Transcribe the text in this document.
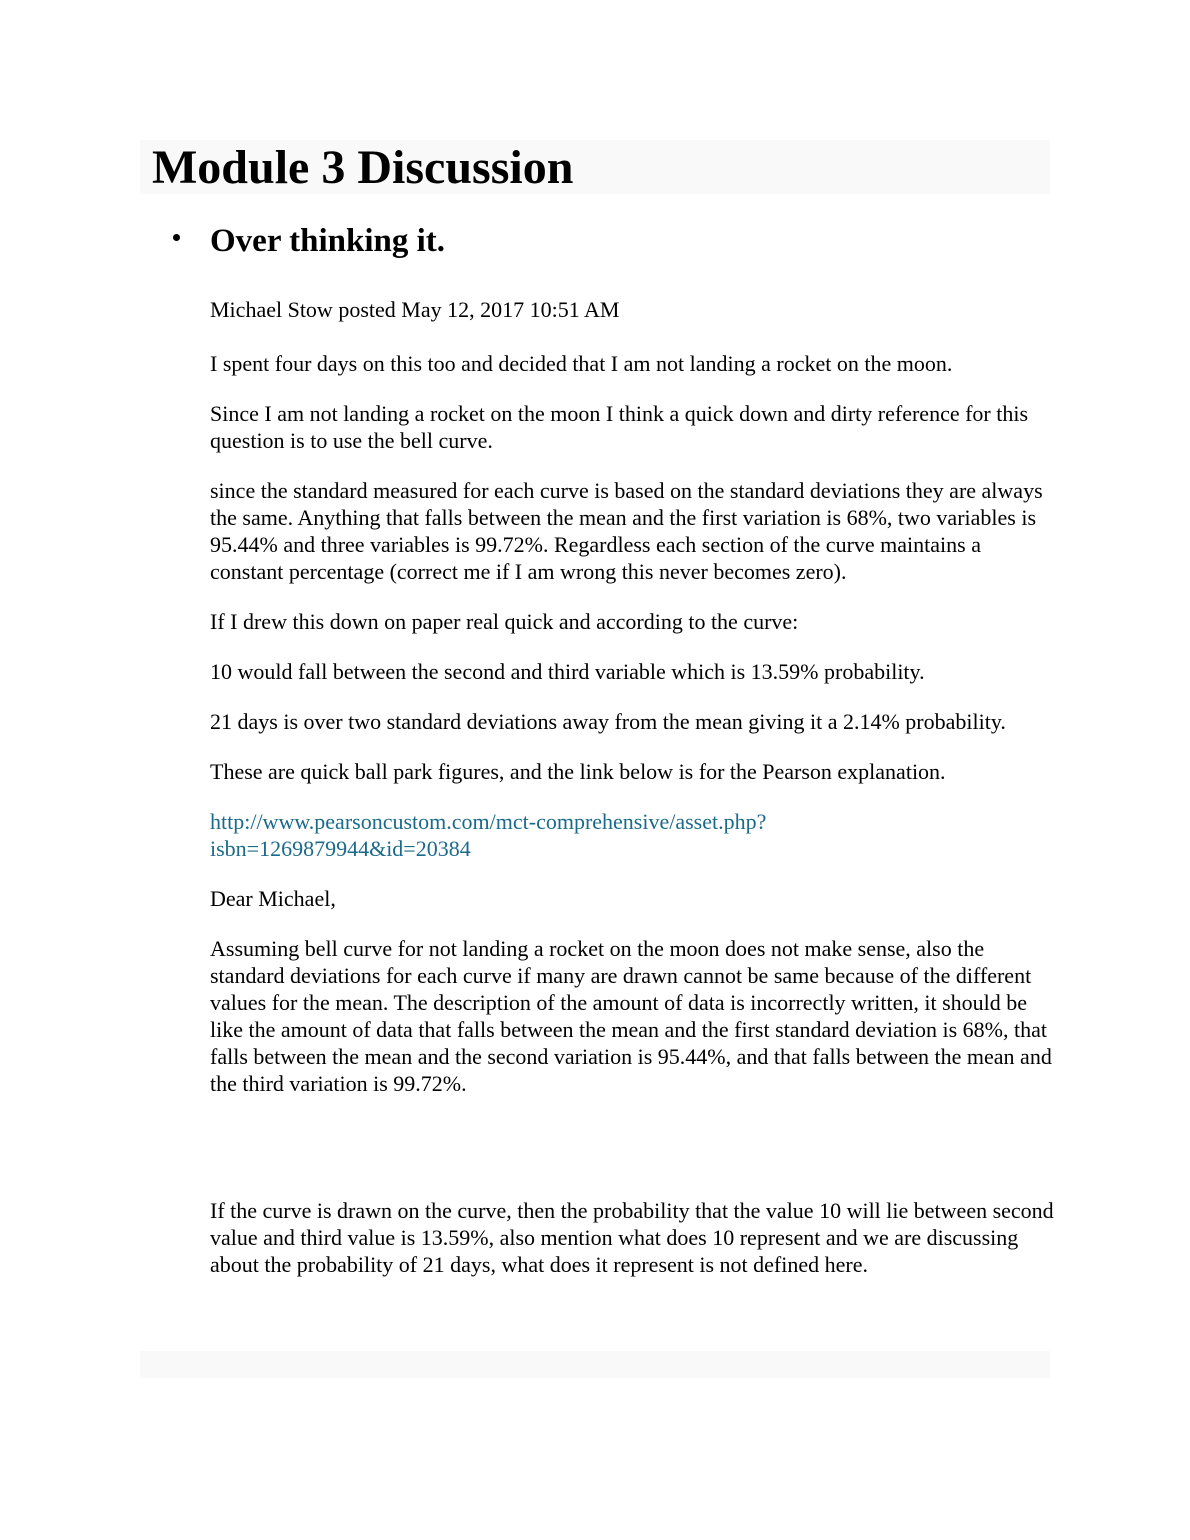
Module 3 Discussion
Over thinking it.

Michael Stow posted May 12, 2017 10:51 AM

I spent four days on this too and decided that I am not landing a rocket on the moon.

Since I am not landing a rocket on the moon I think a quick down and dirty reference for this question is to use the bell curve.

since the standard measured for each curve is based on the standard deviations they are always the same. Anything that falls between the mean and the first variation is 68%, two variables is 95.44% and three variables is 99.72%. Regardless each section of the curve maintains a constant percentage (correct me if I am wrong this never becomes zero).

If I drew this down on paper real quick and according to the curve:

10 would fall between the second and third variable which is 13.59% probability.

21 days is over two standard deviations away from the mean giving it a 2.14% probability.

These are quick ball park figures, and the link below is for the Pearson explanation.

http://www.pearsoncustom.com/mct-comprehensive/asset.php?
isbn=1269879944&id=20384

Dear Michael,

Assuming bell curve for not landing a rocket on the moon does not make sense, also the standard deviations for each curve if many are drawn cannot be same because of the different values for the mean. The description of the amount of data is incorrectly written, it should be like the amount of data that falls between the mean and the first standard deviation is 68%, that falls between the mean and the second variation is 95.44%, and that falls between the mean and the third variation is 99.72%.

If the curve is drawn on the curve, then the probability that the value 10 will lie between second value and third value is 13.59%, also mention what does 10 represent and we are discussing about the probability of 21 days, what does it represent is not defined here.
